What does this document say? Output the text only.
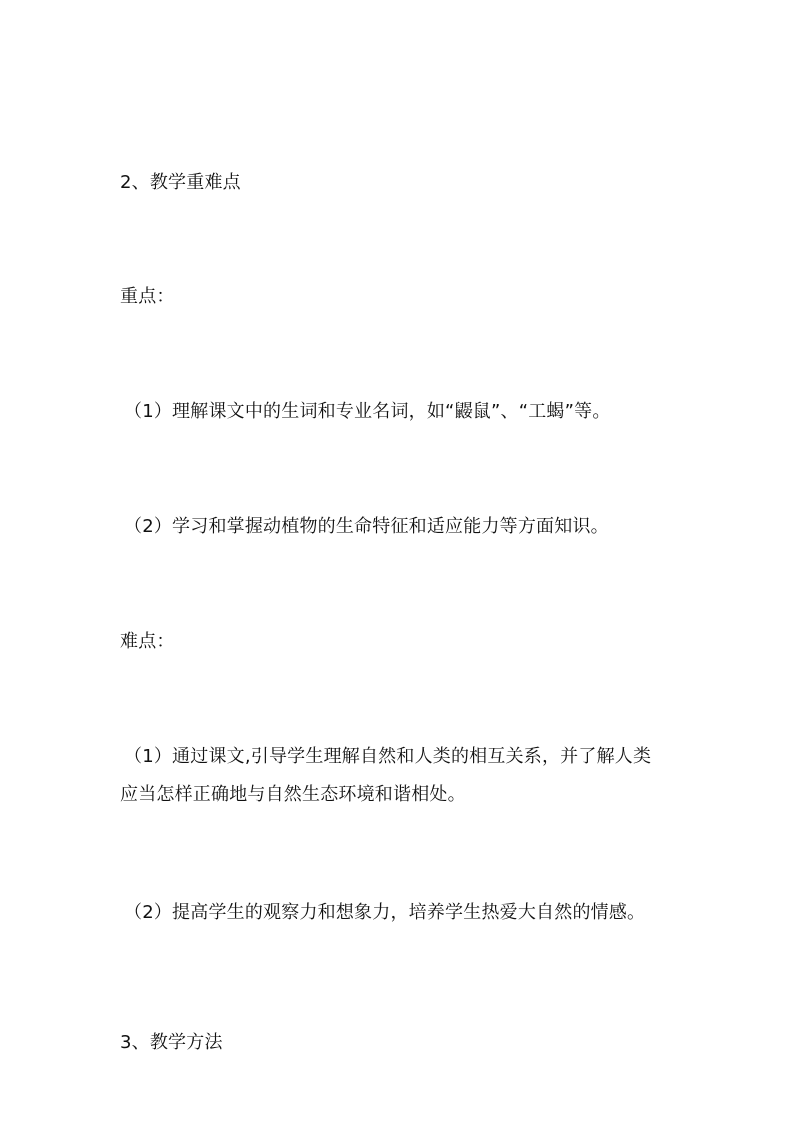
2、教学重难点
重点：
（1）理解课文中的生词和专业名词，如“鼹鼠”、“工蝎”等。
（2）学习和掌握动植物的生命特征和适应能力等方面知识。
难点：
（1）通过课文,引导学生理解自然和人类的相互关系，并了解人类
应当怎样正确地与自然生态环境和谐相处。
（2）提高学生的观察力和想象力，培养学生热爱大自然的情感。
3、教学方法
